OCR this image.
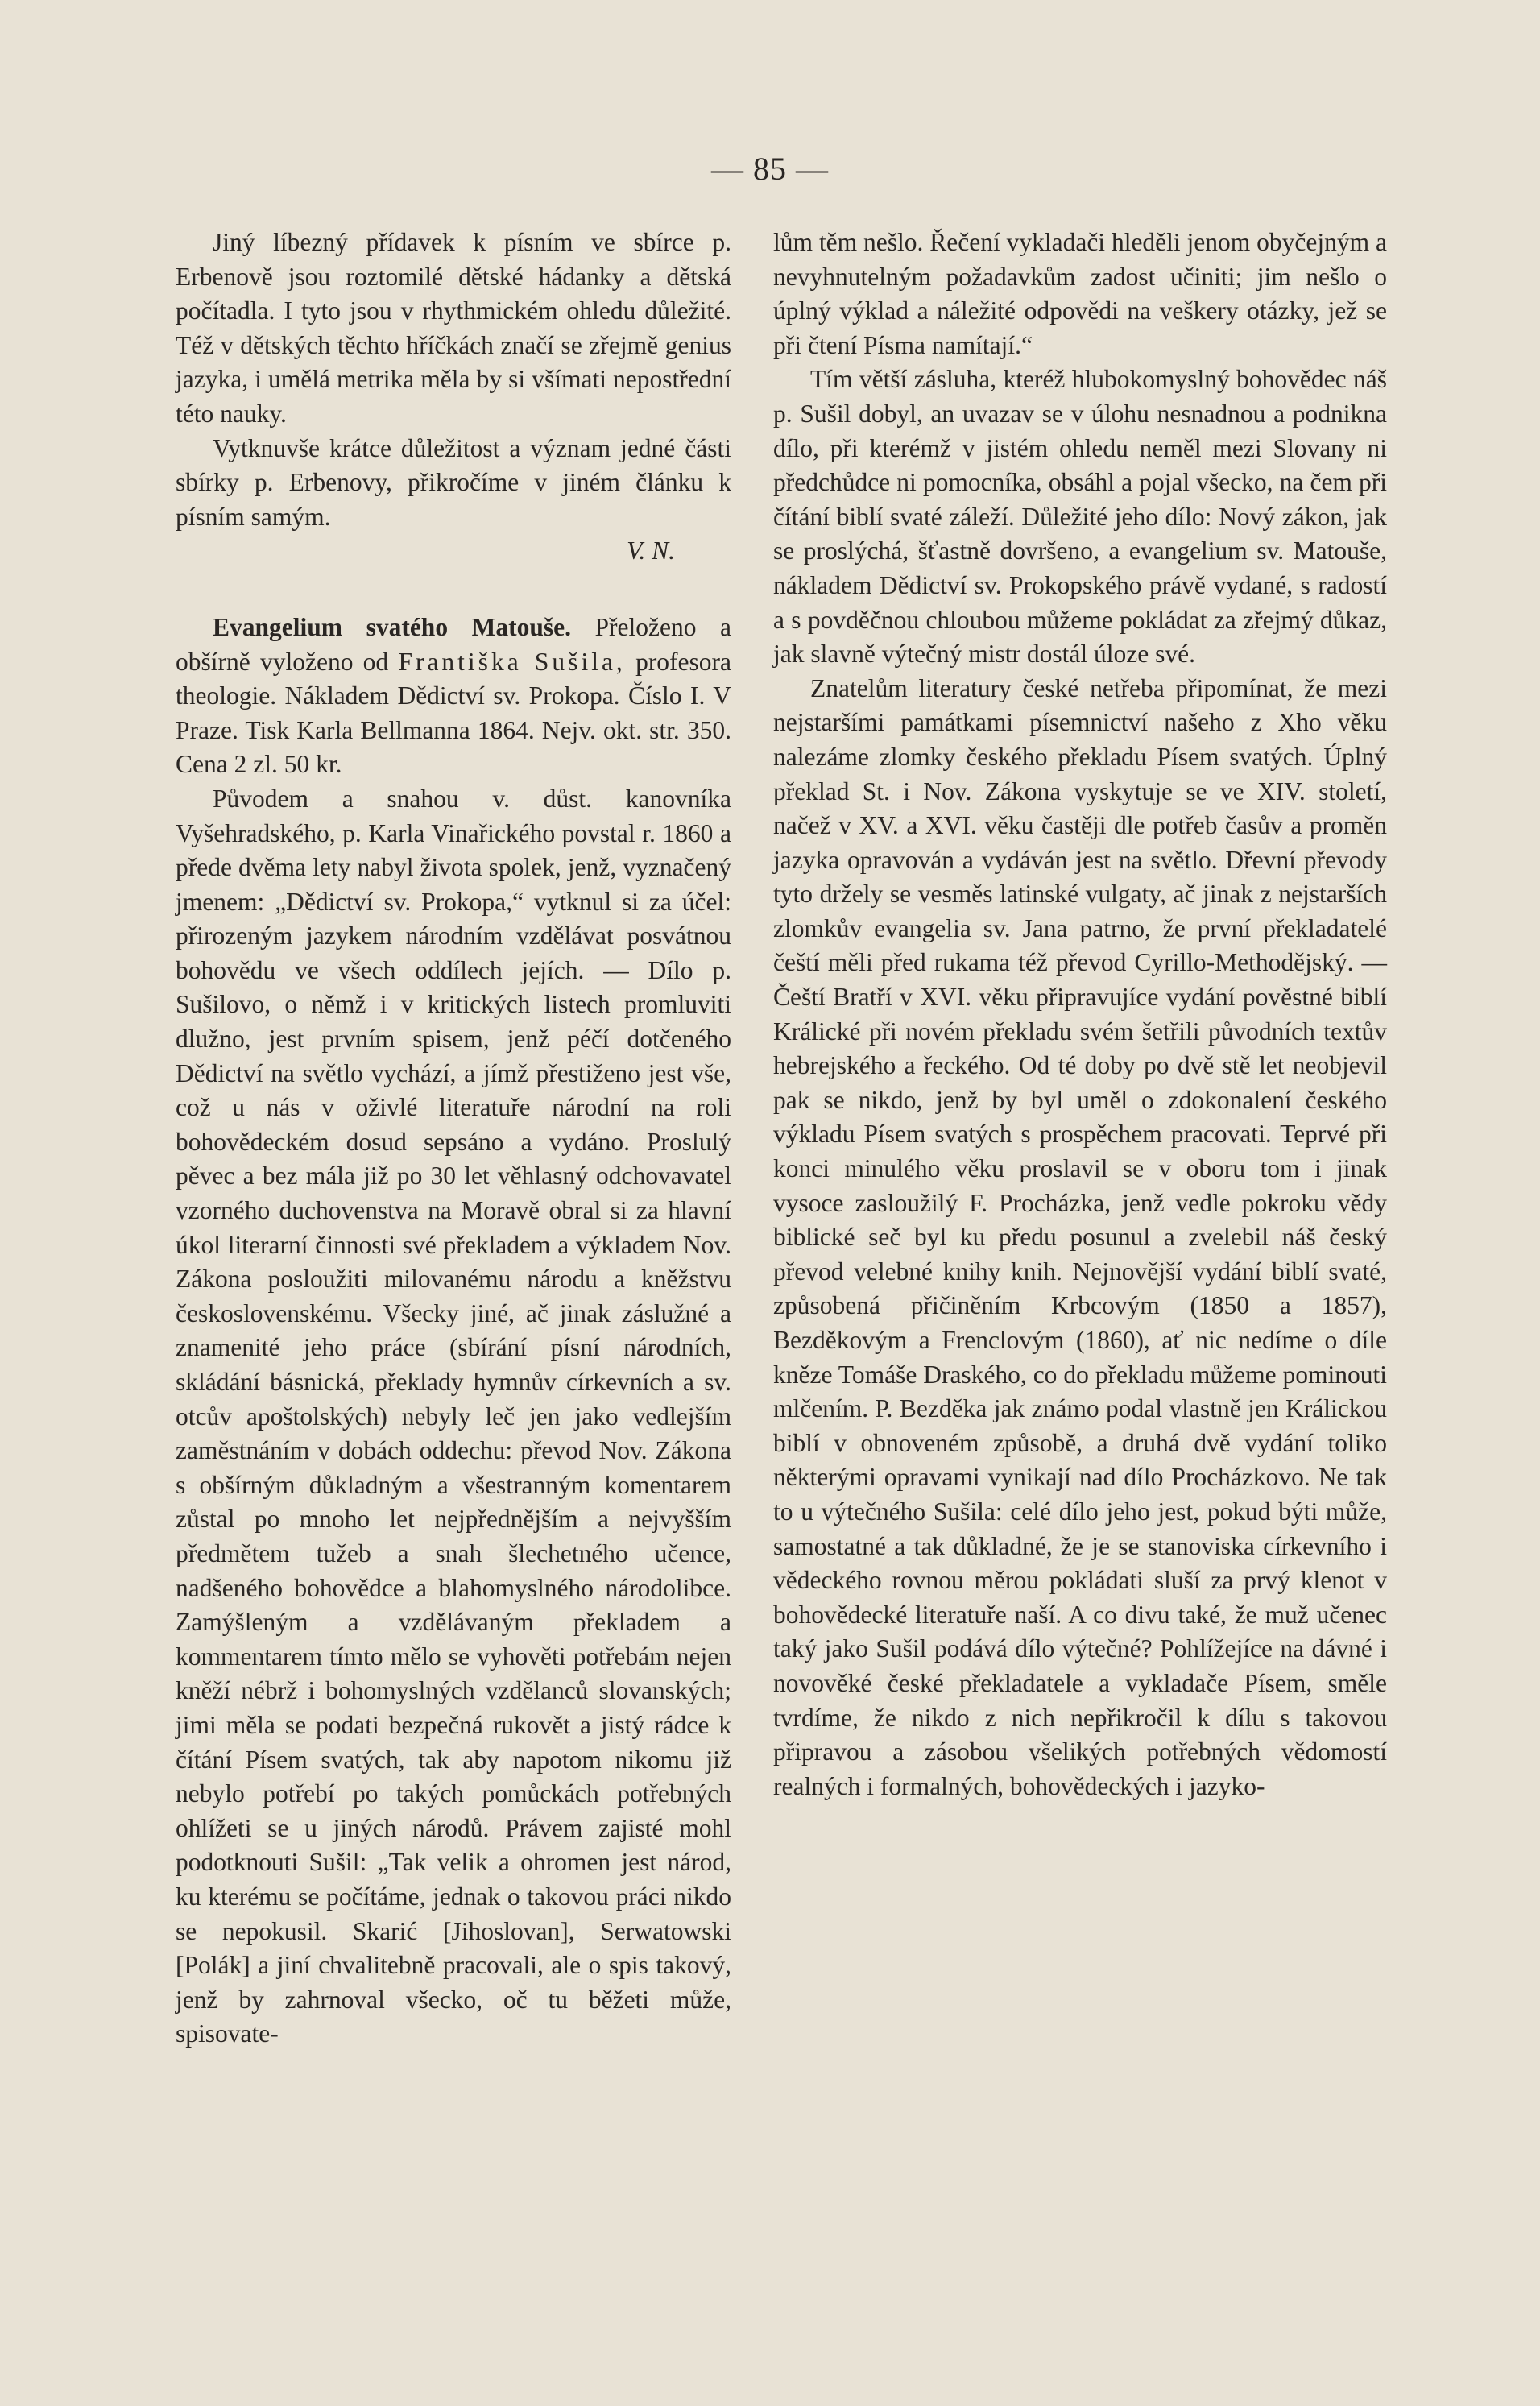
— 85 —

Jiný líbezný přídavek k písním ve sbírce p. Erbenově jsou roztomilé dětské hádanky a dětská počítadla. I tyto jsou v rhythmickém ohledu důležité. Též v dětských těchto hříčkách značí se zřejmě genius jazyka, i umělá metrika měla by si všímati nepostřední této nauky.

Vytknuvše krátce důležitost a význam jedné části sbírky p. Erbenovy, přikročíme v jiném článku k písním samým.

V. N.

Evangelium svatého Matouše. Přeloženo a obšírně vyloženo od Františka Sušila, profesora theologie. Nákladem Dědictví sv. Prokopa. Číslo I. V Praze. Tisk Karla Bellmanna 1864. Nejv. okt. str. 350. Cena 2 zl. 50 kr.

Původem a snahou v. důst. kanovníka Vyšehradského, p. Karla Vinařického povstal r. 1860 a přede dvěma lety nabyl života spolek, jenž, vyznačený jmenem: „Dědictví sv. Prokopa,“ vytknul si za účel: přirozeným jazykem národním vzdělávat posvátnou bohovědu ve všech oddílech jejích. — Dílo p. Sušilovo, o němž i v kritických listech promluviti dlužno, jest prvním spisem, jenž péčí dotčeného Dědictví na světlo vychází, a jímž přestiženo jest vše, což u nás v oživlé literatuře národní na roli bohovědeckém dosud sepsáno a vydáno. Proslulý pěvec a bez mála již po 30 let věhlasný odchovavatel vzorného duchovenstva na Moravě obral si za hlavní úkol literarní činnosti své překladem a výkladem Nov. Zákona posloužiti milovanému národu a kněžstvu československému. Všecky jiné, ač jinak záslužné a znamenité jeho práce (sbírání písní národních, skládání básnická, překlady hymnův církevních a sv. otcův apoštolských) nebyly leč jen jako vedlejším zaměstnáním v dobách oddechu: převod Nov. Zákona s obšírným důkladným a všestranným komentarem zůstal po mnoho let nejpřednějším a nejvyšším předmětem tužeb a snah šlechetného učence, nadšeného bohovědce a blahomyslného národolibce. Zamýšleným a vzdělávaným překladem a kommentarem tímto mělo se vyhověti potřebám nejen kněží nébrž i bohomyslných vzdělanců slovanských; jimi měla se podati bezpečná rukovět a jistý rádce k čítání Písem svatých, tak aby napotom nikomu již nebylo potřebí po takých pomůckách potřebných ohlížeti se u jiných národů. Právem zajisté mohl podotknouti Sušil: „Tak velik a ohromen jest národ, ku kterému se počítáme, jednak o takovou práci nikdo se nepokusil. Skarić [Jihoslovan], Serwatowski [Polák] a jiní chvalitebně pracovali, ale o spis takový, jenž by zahrnoval všecko, oč tu běžeti může, spisovate-

lům těm nešlo. Řečení vykladači hleděli jenom obyčejným a nevyhnutelným požadavkům zadost učiniti; jim nešlo o úplný výklad a náležité odpovědi na veškery otázky, jež se při čtení Písma namítají.“

Tím větší zásluha, kteréž hlubokomyslný bohovědec náš p. Sušil dobyl, an uvazav se v úlohu nesnadnou a podnikna dílo, při kterémž v jistém ohledu neměl mezi Slovany ni předchůdce ni pomocníka, obsáhl a pojal všecko, na čem při čítání biblí svaté záleží. Důležité jeho dílo: Nový zákon, jak se proslýchá, šťastně dovršeno, a evangelium sv. Matouše, nákladem Dědictví sv. Prokopského právě vydané, s radostí a s povděčnou chloubou můžeme pokládat za zřejmý důkaz, jak slavně výtečný mistr dostál úloze své.

Znatelům literatury české netřeba připomínat, že mezi nejstaršími památkami písemnictví našeho z Xho věku nalezáme zlomky českého překladu Písem svatých. Úplný překlad St. i Nov. Zákona vyskytuje se ve XIV. století, načež v XV. a XVI. věku častěji dle potřeb časův a proměn jazyka opravován a vydáván jest na světlo. Dřevní převody tyto držely se vesměs latinské vulgaty, ač jinak z nejstarších zlomkův evangelia sv. Jana patrno, že první překladatelé čeští měli před rukama též převod Cyrillo-Methodějský. — Čeští Bratří v XVI. věku připravujíce vydání pověstné biblí Králické při novém překladu svém šetřili původních textův hebrejského a řeckého. Od té doby po dvě stě let neobjevil pak se nikdo, jenž by byl uměl o zdokonalení českého výkladu Písem svatých s prospěchem pracovati. Teprvé při konci minulého věku proslavil se v oboru tom i jinak vysoce zasloužilý F. Procházka, jenž vedle pokroku vědy biblické seč byl ku předu posunul a zvelebil náš český převod velebné knihy knih. Nejnovější vydání biblí svaté, způsobená přičiněním Krbcovým (1850 a 1857), Bezděkovým a Frenclovým (1860), ať nic nedíme o díle kněze Tomáše Draského, co do překladu můžeme pominouti mlčením. P. Bezděka jak známo podal vlastně jen Králickou biblí v obnoveném způsobě, a druhá dvě vydání toliko některými opravami vynikají nad dílo Procházkovo. Ne tak to u výtečného Sušila: celé dílo jeho jest, pokud býti může, samostatné a tak důkladné, že je se stanoviska církevního i vědeckého rovnou měrou pokládati sluší za prvý klenot v bohovědecké literatuře naší. A co divu také, že muž učenec taký jako Sušil podává dílo výtečné? Pohlížejíce na dávné i novověké české překladatele a vykladače Písem, směle tvrdíme, že nikdo z nich nepřikročil k dílu s takovou připravou a zásobou všelikých potřebných vědomostí realných i formalných, bohovědeckých i jazyko-
